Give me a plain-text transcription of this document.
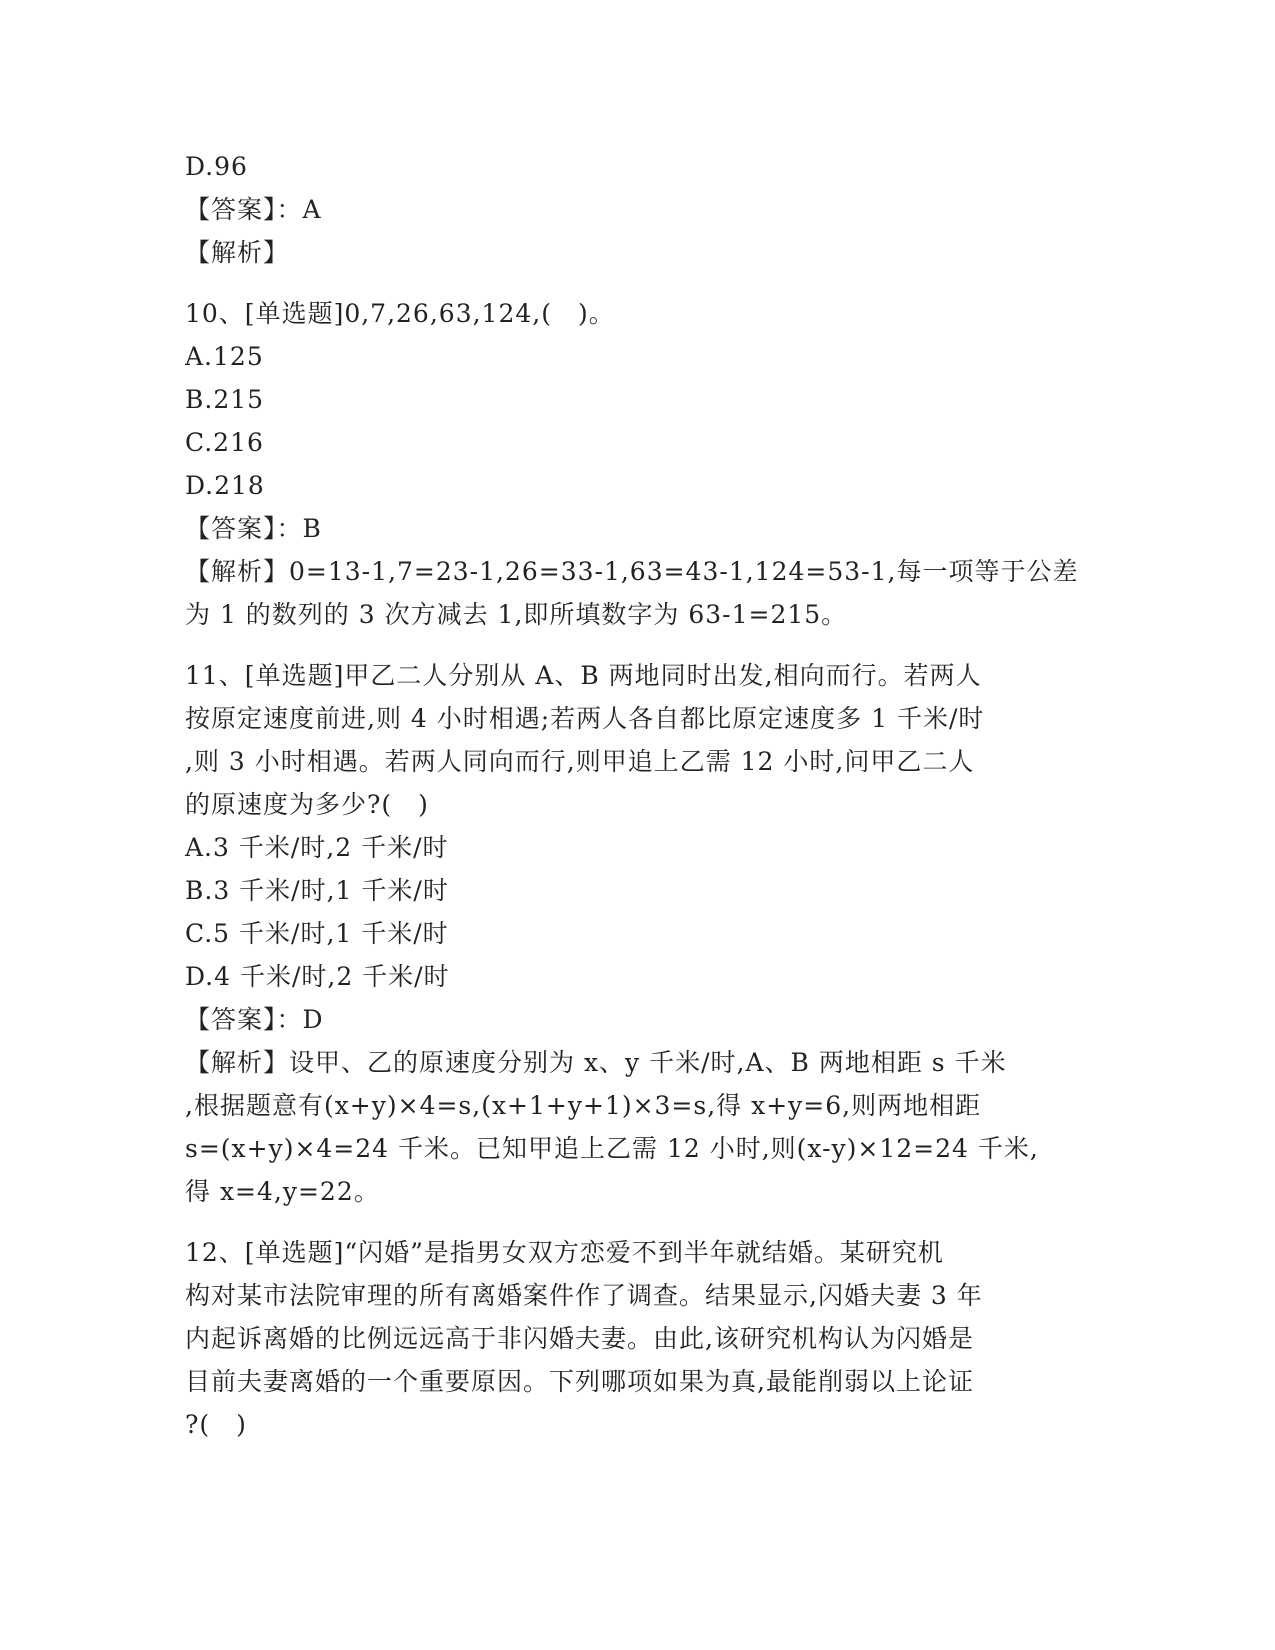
D.96
【答案】：A
【解析】
10、[单选题]0,7,26,63,124,(　)。
A.125
B.215
C.216
D.218
【答案】：B
【解析】0=13-1,7=23-1,26=33-1,63=43-1,124=53-1,每一项等于公差
为 1 的数列的 3 次方减去 1,即所填数字为 63-1=215。
11、[单选题]甲乙二人分别从 A、B 两地同时出发,相向而行。若两人
按原定速度前进,则 4 小时相遇;若两人各自都比原定速度多 1 千米/时
,则 3 小时相遇。若两人同向而行,则甲追上乙需 12 小时,问甲乙二人
的原速度为多少?(　)
A.3 千米/时,2 千米/时
B.3 千米/时,1 千米/时
C.5 千米/时,1 千米/时
D.4 千米/时,2 千米/时
【答案】：D
【解析】设甲、乙的原速度分别为 x、y 千米/时,A、B 两地相距 s 千米
,根据题意有(x+y)×4=s,(x+1+y+1)×3=s,得 x+y=6,则两地相距
s=(x+y)×4=24 千米。已知甲追上乙需 12 小时,则(x-y)×12=24 千米,
得 x=4,y=22。
12、[单选题]“闪婚”是指男女双方恋爱不到半年就结婚。某研究机
构对某市法院审理的所有离婚案件作了调查。结果显示,闪婚夫妻 3 年
内起诉离婚的比例远远高于非闪婚夫妻。由此,该研究机构认为闪婚是
目前夫妻离婚的一个重要原因。下列哪项如果为真,最能削弱以上论证
?(　)
